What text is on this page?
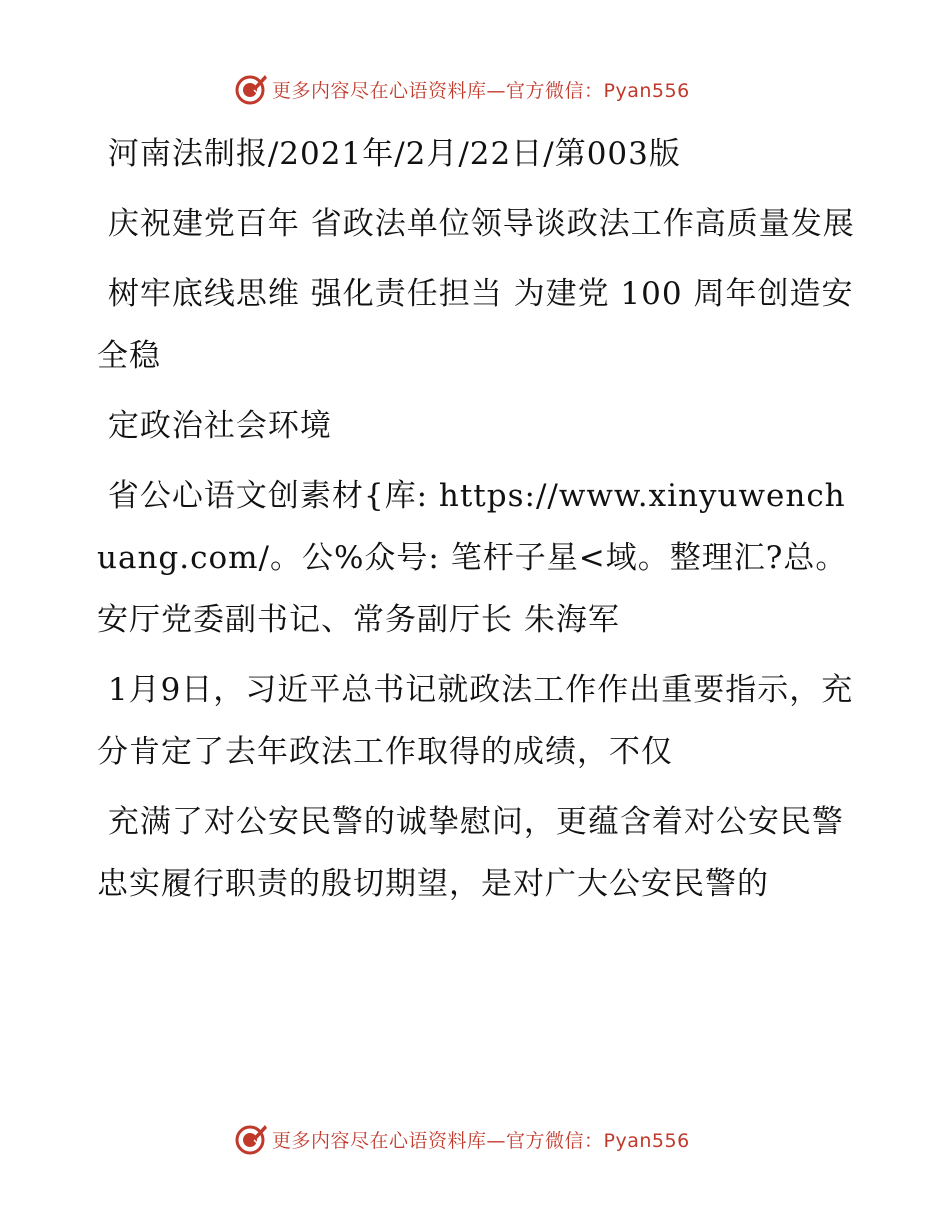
更多内容尽在心语资料库—官方微信：Pyan556

河南法制报/2021年/2月/22日/第003版

庆祝建党百年 省政法单位领导谈政法工作高质量发展

树牢底线思维 强化责任担当 为建党 100 周年创造安全稳

定政治社会环境

省公心语文创素材{库: https://www.xinyuwenchuang.com/。公%众号: 笔杆子星<域。整理汇?总。安厅党委副书记、常务副厅长 朱海军

1月9日，习近平总书记就政法工作作出重要指示，充分肯定了去年政法工作取得的成绩，不仅

充满了对公安民警的诚挚慰问，更蕴含着对公安民警忠实履行职责的殷切期望，是对广大公安民警的

更多内容尽在心语资料库—官方微信：Pyan556
